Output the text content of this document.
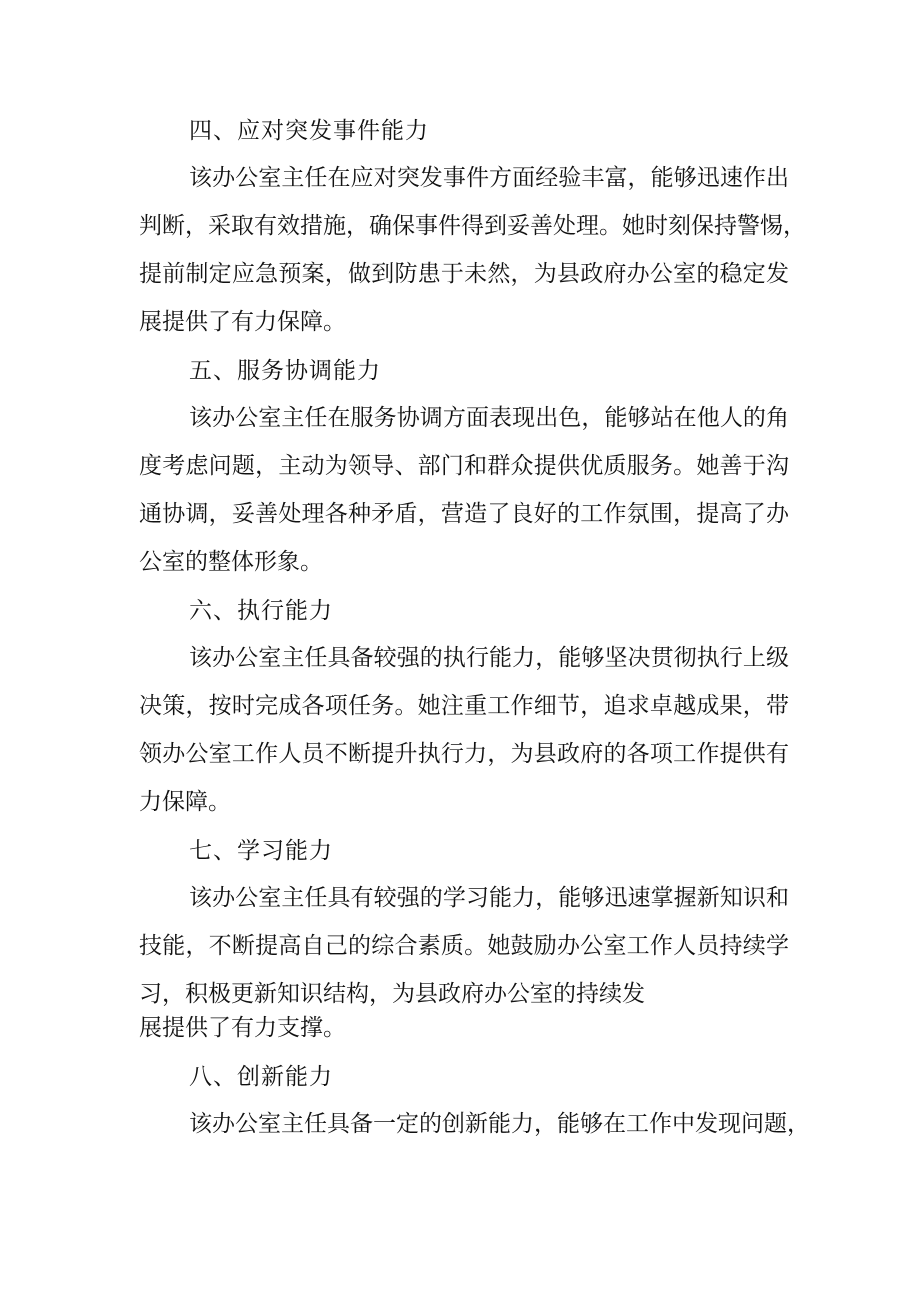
四、应对突发事件能力
该办公室主任在应对突发事件方面经验丰富，能够迅速作出
判断，采取有效措施，确保事件得到妥善处理。她时刻保持警惕，
提前制定应急预案，做到防患于未然，为县政府办公室的稳定发
展提供了有力保障。
五、服务协调能力
该办公室主任在服务协调方面表现出色，能够站在他人的角
度考虑问题，主动为领导、部门和群众提供优质服务。她善于沟
通协调，妥善处理各种矛盾，营造了良好的工作氛围，提高了办
公室的整体形象。
六、执行能力
该办公室主任具备较强的执行能力，能够坚决贯彻执行上级
决策，按时完成各项任务。她注重工作细节，追求卓越成果，带
领办公室工作人员不断提升执行力，为县政府的各项工作提供有
力保障。
七、学习能力
该办公室主任具有较强的学习能力，能够迅速掌握新知识和
技能，不断提高自己的综合素质。她鼓励办公室工作人员持续学
习，积极更新知识结构，为县政府办公室的持续发
展提供了有力支撑。
八、创新能力
该办公室主任具备一定的创新能力，能够在工作中发现问题，
